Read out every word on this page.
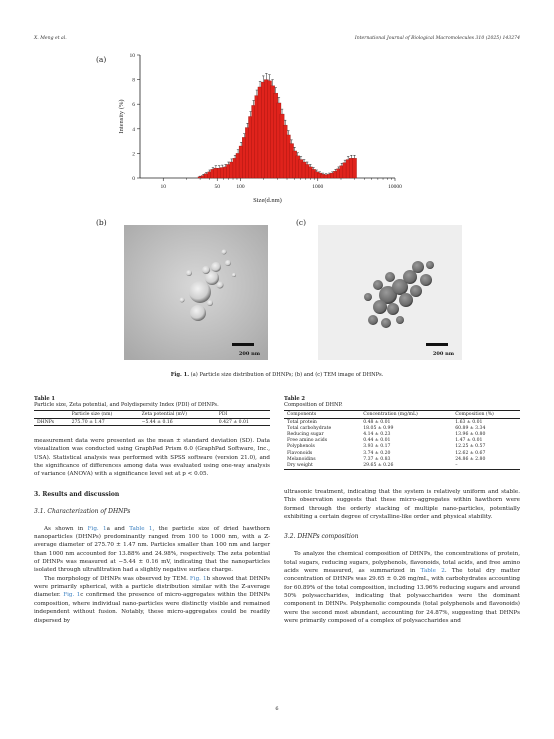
X. Meng et al.	International Journal of Biological Macromolecules 310 (2025) 143274
(a)
0
2
4
6
8
10
10	50	100	1000	10000
Size(d.nm)
Intensity (%)
(b)
200 nm
(c)
200 nm
Fig. 1. (a) Particle size distribution of DHNPs; (b) and (c) TEM image of DHNPs.
Table 1
Particle size, Zeta potential, and Polydispersity Index (PDI) of DHNPs.
	Particle size (nm)	Zeta potential (mV)	PDI
DHNPs	275.70 ± 1.47	−5.44 ± 0.16	0.427 ± 0.01
Table 2
Composition of DHNP.
Components	Concentration (mg/mL)	Composition (%)
Total protein	0.48 ± 0.01	1.63 ± 0.01
Total carbohydrate	18.05 ± 0.99	60.89 ± 3.34
Reducing sugar	4.14 ± 0.23	13.96 ± 0.80
Free amino acids	0.44 ± 0.01	1.47 ± 0.01
Polyphenols	3.93 ± 0.17	12.25 ± 0.57
Flavonoids	3.74 ± 0.20	12.62 ± 0.67
Melanoidins	7.37 ± 0.83	24.86 ± 2.80
Dry weight	29.65 ± 0.26	–

measurement data were presented as the mean ± standard deviation (SD). Data visualization was conducted using GraphPad Prism 6.0 (GraphPad Software, Inc., USA). Statistical analysis was performed with SPSS software (version 21.0), and the significance of differences among data was evaluated using one-way analysis of variance (ANOVA) with a significance level set at p < 0.05.

3. Results and discussion
3.1. Characterization of DHNPs

As shown in Fig. 1a and Table 1, the particle size of dried hawthorn nanoparticles (DHNPs) predominantly ranged from 100 to 1000 nm, with a Z-average diameter of 275.70 ± 1.47 nm. Particles smaller than 100 nm and larger than 1000 nm accounted for 13.88% and 24.98%, respectively. The zeta potential of DHNPs was measured at −5.44 ± 0.16 mV, indicating that the nanoparticles isolated through ultrafiltration had a slightly negative surface charge.

The morphology of DHNPs was observed by TEM. Fig. 1b showed that DHNPs were primarily spherical, with a particle distribution similar with the Z-average diameter. Fig. 1c confirmed the presence of micro-aggregates within the DHNPs composition, where individual nano-particles were distinctly visible and remained independent without fusion. Notably, these micro-aggregates could be readily dispersed by

ultrasonic treatment, indicating that the system is relatively uniform and stable. This observation suggests that these micro-aggregates within hawthorn were formed through the orderly stacking of multiple nano-particles, potentially exhibiting a certain degree of crystalline-like order and physical stability.

3.2. DHNPs composition

To analyze the chemical composition of DHNPs, the concentrations of protein, total sugars, reducing sugars, polyphenols, flavonoids, total acids, and free amino acids were measured, as summarized in Table 2. The total dry matter concentration of DHNPs was 29.65 ± 0.26 mg/mL, with carbohydrates accounting for 60.89% of the total composition, including 13.96% reducing sugars and around 50% polysaccharides, indicating that polysaccharides were the dominant component in DHNPs. Polyphenolic compounds (total polyphenols and flavonoids) were the second most abundant, accounting for 24.87%, suggesting that DHNPs were primarily composed of a complex of polysaccharides and

6
